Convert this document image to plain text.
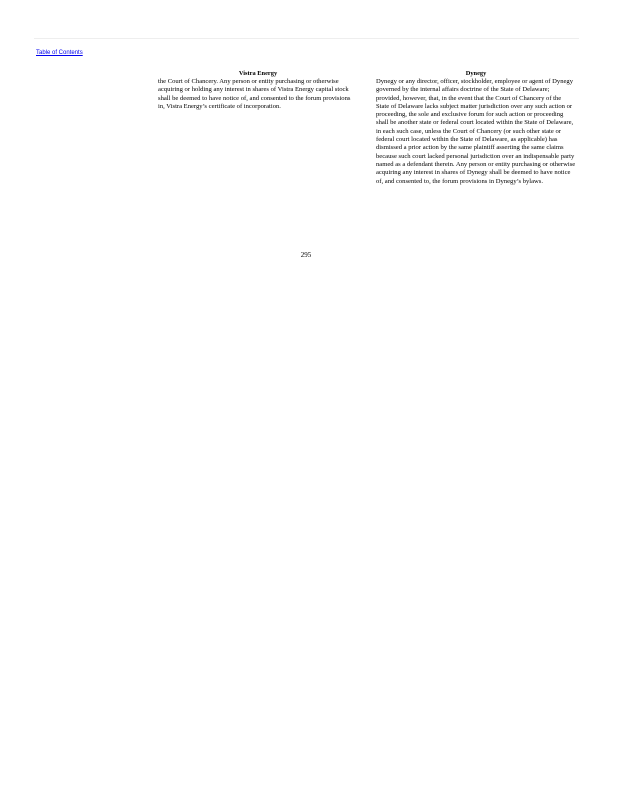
Table of Contents
Vistra Energy

the Court of Chancery. Any person or entity purchasing or otherwise acquiring or holding any interest in shares of Vistra Energy capital stock shall be deemed to have notice of, and consented to the forum provisions in, Vistra Energy’s certificate of incorporation.

Dynegy

Dynegy or any director, officer, stockholder, employee or agent of Dynegy governed by the internal affairs doctrine of the State of Delaware; provided, however, that, in the event that the Court of Chancery of the State of Delaware lacks subject matter jurisdiction over any such action or proceeding, the sole and exclusive forum for such action or proceeding shall be another state or federal court located within the State of Delaware, in each such case, unless the Court of Chancery (or such other state or federal court located within the State of Delaware, as applicable) has dismissed a prior action by the same plaintiff asserting the same claims because such court lacked personal jurisdiction over an indispensable party named as a defendant therein. Any person or entity purchasing or otherwise acquiring any interest in shares of Dynegy shall be deemed to have notice of, and consented to, the forum provisions in Dynegy’s bylaws.

295
